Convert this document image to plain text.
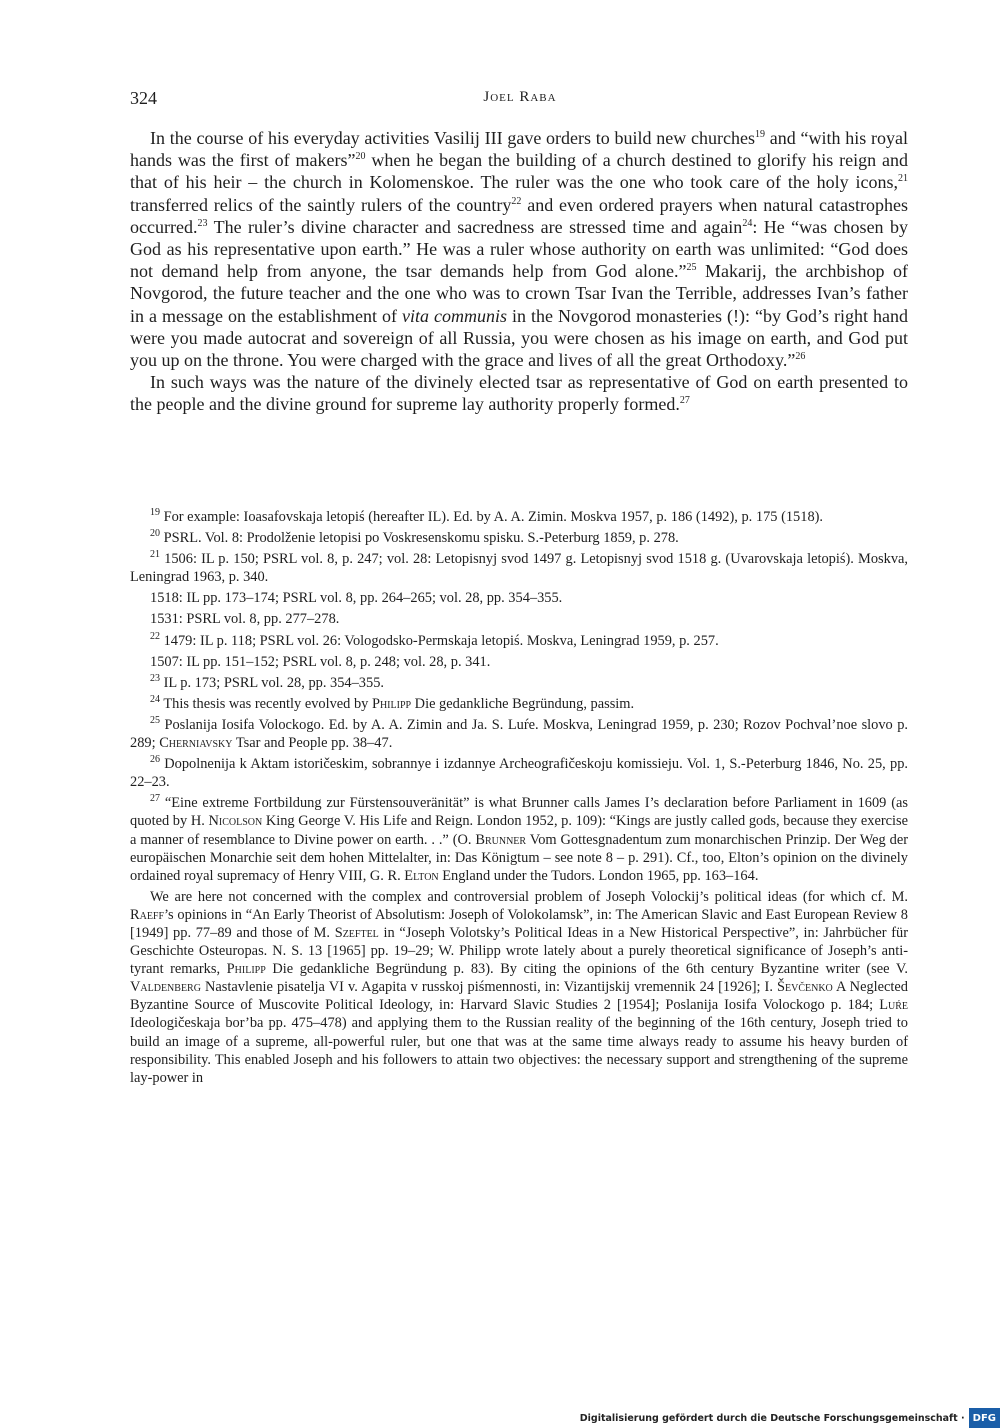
324	Joel Raba

In the course of his everyday activities Vasilij III gave orders to build new churches$^{19}$ and “with his royal hands was the first of makers”$^{20}$ when he began the building of a church destined to glorify his reign and that of his heir – the church in Kolomenskoe. The ruler was the one who took care of the holy icons,$^{21}$ transferred relics of the saintly rulers of the country$^{22}$ and even ordered prayers when natural catastrophes occurred.$^{23}$ The ruler’s divine character and sacredness are stressed time and again$^{24}$: He “was chosen by God as his representative upon earth.” He was a ruler whose authority on earth was unlimited: “God does not demand help from anyone, the tsar demands help from God alone.”$^{25}$ Makarij, the archbishop of Novgorod, the future teacher and the one who was to crown Tsar Ivan the Terrible, addresses Ivan’s father in a message on the establishment of vita communis in the Novgorod monasteries (!): “by God’s right hand were you made autocrat and sovereign of all Russia, you were chosen as his image on earth, and God put you up on the throne. You were charged with the grace and lives of all the great Orthodoxy.”$^{26}$

In such ways was the nature of the divinely elected tsar as representative of God on earth presented to the people and the divine ground for supreme lay authority properly formed.$^{27}$

$^{19}$ For example: Ioasafovskaja letopiś (hereafter IL). Ed. by A. A. Zimin. Moskva 1957, p. 186 (1492), p. 175 (1518).

$^{20}$ PSRL. Vol. 8: Prodolženie letopisi po Voskresenskomu spisku. S.-Peterburg 1859, p. 278.

$^{21}$ 1506: IL p. 150; PSRL vol. 8, p. 247; vol. 28: Letopisnyj svod 1497 g. Letopisnyj svod 1518 g. (Uvarovskaja letopiś). Moskva, Leningrad 1963, p. 340.

1518: IL pp. 173–174; PSRL vol. 8, pp. 264–265; vol. 28, pp. 354–355.

1531: PSRL vol. 8, pp. 277–278.

$^{22}$ 1479: IL p. 118; PSRL vol. 26: Vologodsko-Permskaja letopiś. Moskva, Leningrad 1959, p. 257.

1507: IL pp. 151–152; PSRL vol. 8, p. 248; vol. 28, p. 341.

$^{23}$ IL p. 173; PSRL vol. 28, pp. 354–355.

$^{24}$ This thesis was recently evolved by Philipp Die gedankliche Begründung, passim.

$^{25}$ Poslanija Iosifa Volockogo. Ed. by A. A. Zimin and Ja. S. Luŕe. Moskva, Leningrad 1959, p. 230; Rozov Pochval’noe slovo p. 289; Cherniavsky Tsar and People pp. 38–47.

$^{26}$ Dopolnenija k Aktam istoričeskim, sobrannye i izdannye Archeografičeskoju komissieju. Vol. 1, S.-Peterburg 1846, No. 25, pp. 22–23.

$^{27}$ “Eine extreme Fortbildung zur Fürstensouveränität” is what Brunner calls James I’s declaration before Parliament in 1609 (as quoted by H. Nicolson King George V. His Life and Reign. London 1952, p. 109): “Kings are justly called gods, because they exercise a manner of resemblance to Divine power on earth. . .” (O. Brunner Vom Gottesgnadentum zum monarchischen Prinzip. Der Weg der europäischen Monarchie seit dem hohen Mittelalter, in: Das Königtum – see note 8 – p. 291). Cf., too, Elton’s opinion on the divinely ordained royal supremacy of Henry VIII, G. R. Elton England under the Tudors. London 1965, pp. 163–164.

We are here not concerned with the complex and controversial problem of Joseph Volockij’s political ideas (for which cf. M. Raeff’s opinions in “An Early Theorist of Absolutism: Joseph of Volokolamsk”, in: The American Slavic and East European Review 8 [1949] pp. 77–89 and those of M. Szeftel in “Joseph Volotsky’s Political Ideas in a New Historical Perspective”, in: Jahrbücher für Geschichte Osteuropas. N. S. 13 [1965] pp. 19–29; W. Philipp wrote lately about a purely theoretical significance of Joseph’s anti-tyrant remarks, Philipp Die gedankliche Begründung p. 83). By citing the opinions of the 6th century Byzantine writer (see V. Valdenberg Nastavlenie pisatelja VI v. Agapita v russkoj piśmennosti, in: Vizantijskij vremennik 24 [1926]; I. Ševčenko A Neglected Byzantine Source of Muscovite Political Ideology, in: Harvard Slavic Studies 2 [1954]; Poslanija Iosifa Volockogo p. 184; Luŕe Ideologičeskaja bor’ba pp. 475–478) and applying them to the Russian reality of the beginning of the 16th century, Joseph tried to build an image of a supreme, all-powerful ruler, but one that was at the same time always ready to assume his heavy burden of responsibility. This enabled Joseph and his followers to attain two objectives: the necessary support and strengthening of the supreme lay-power in

Digitalisierung gefördert durch die Deutsche Forschungsgemeinschaft · DFG
